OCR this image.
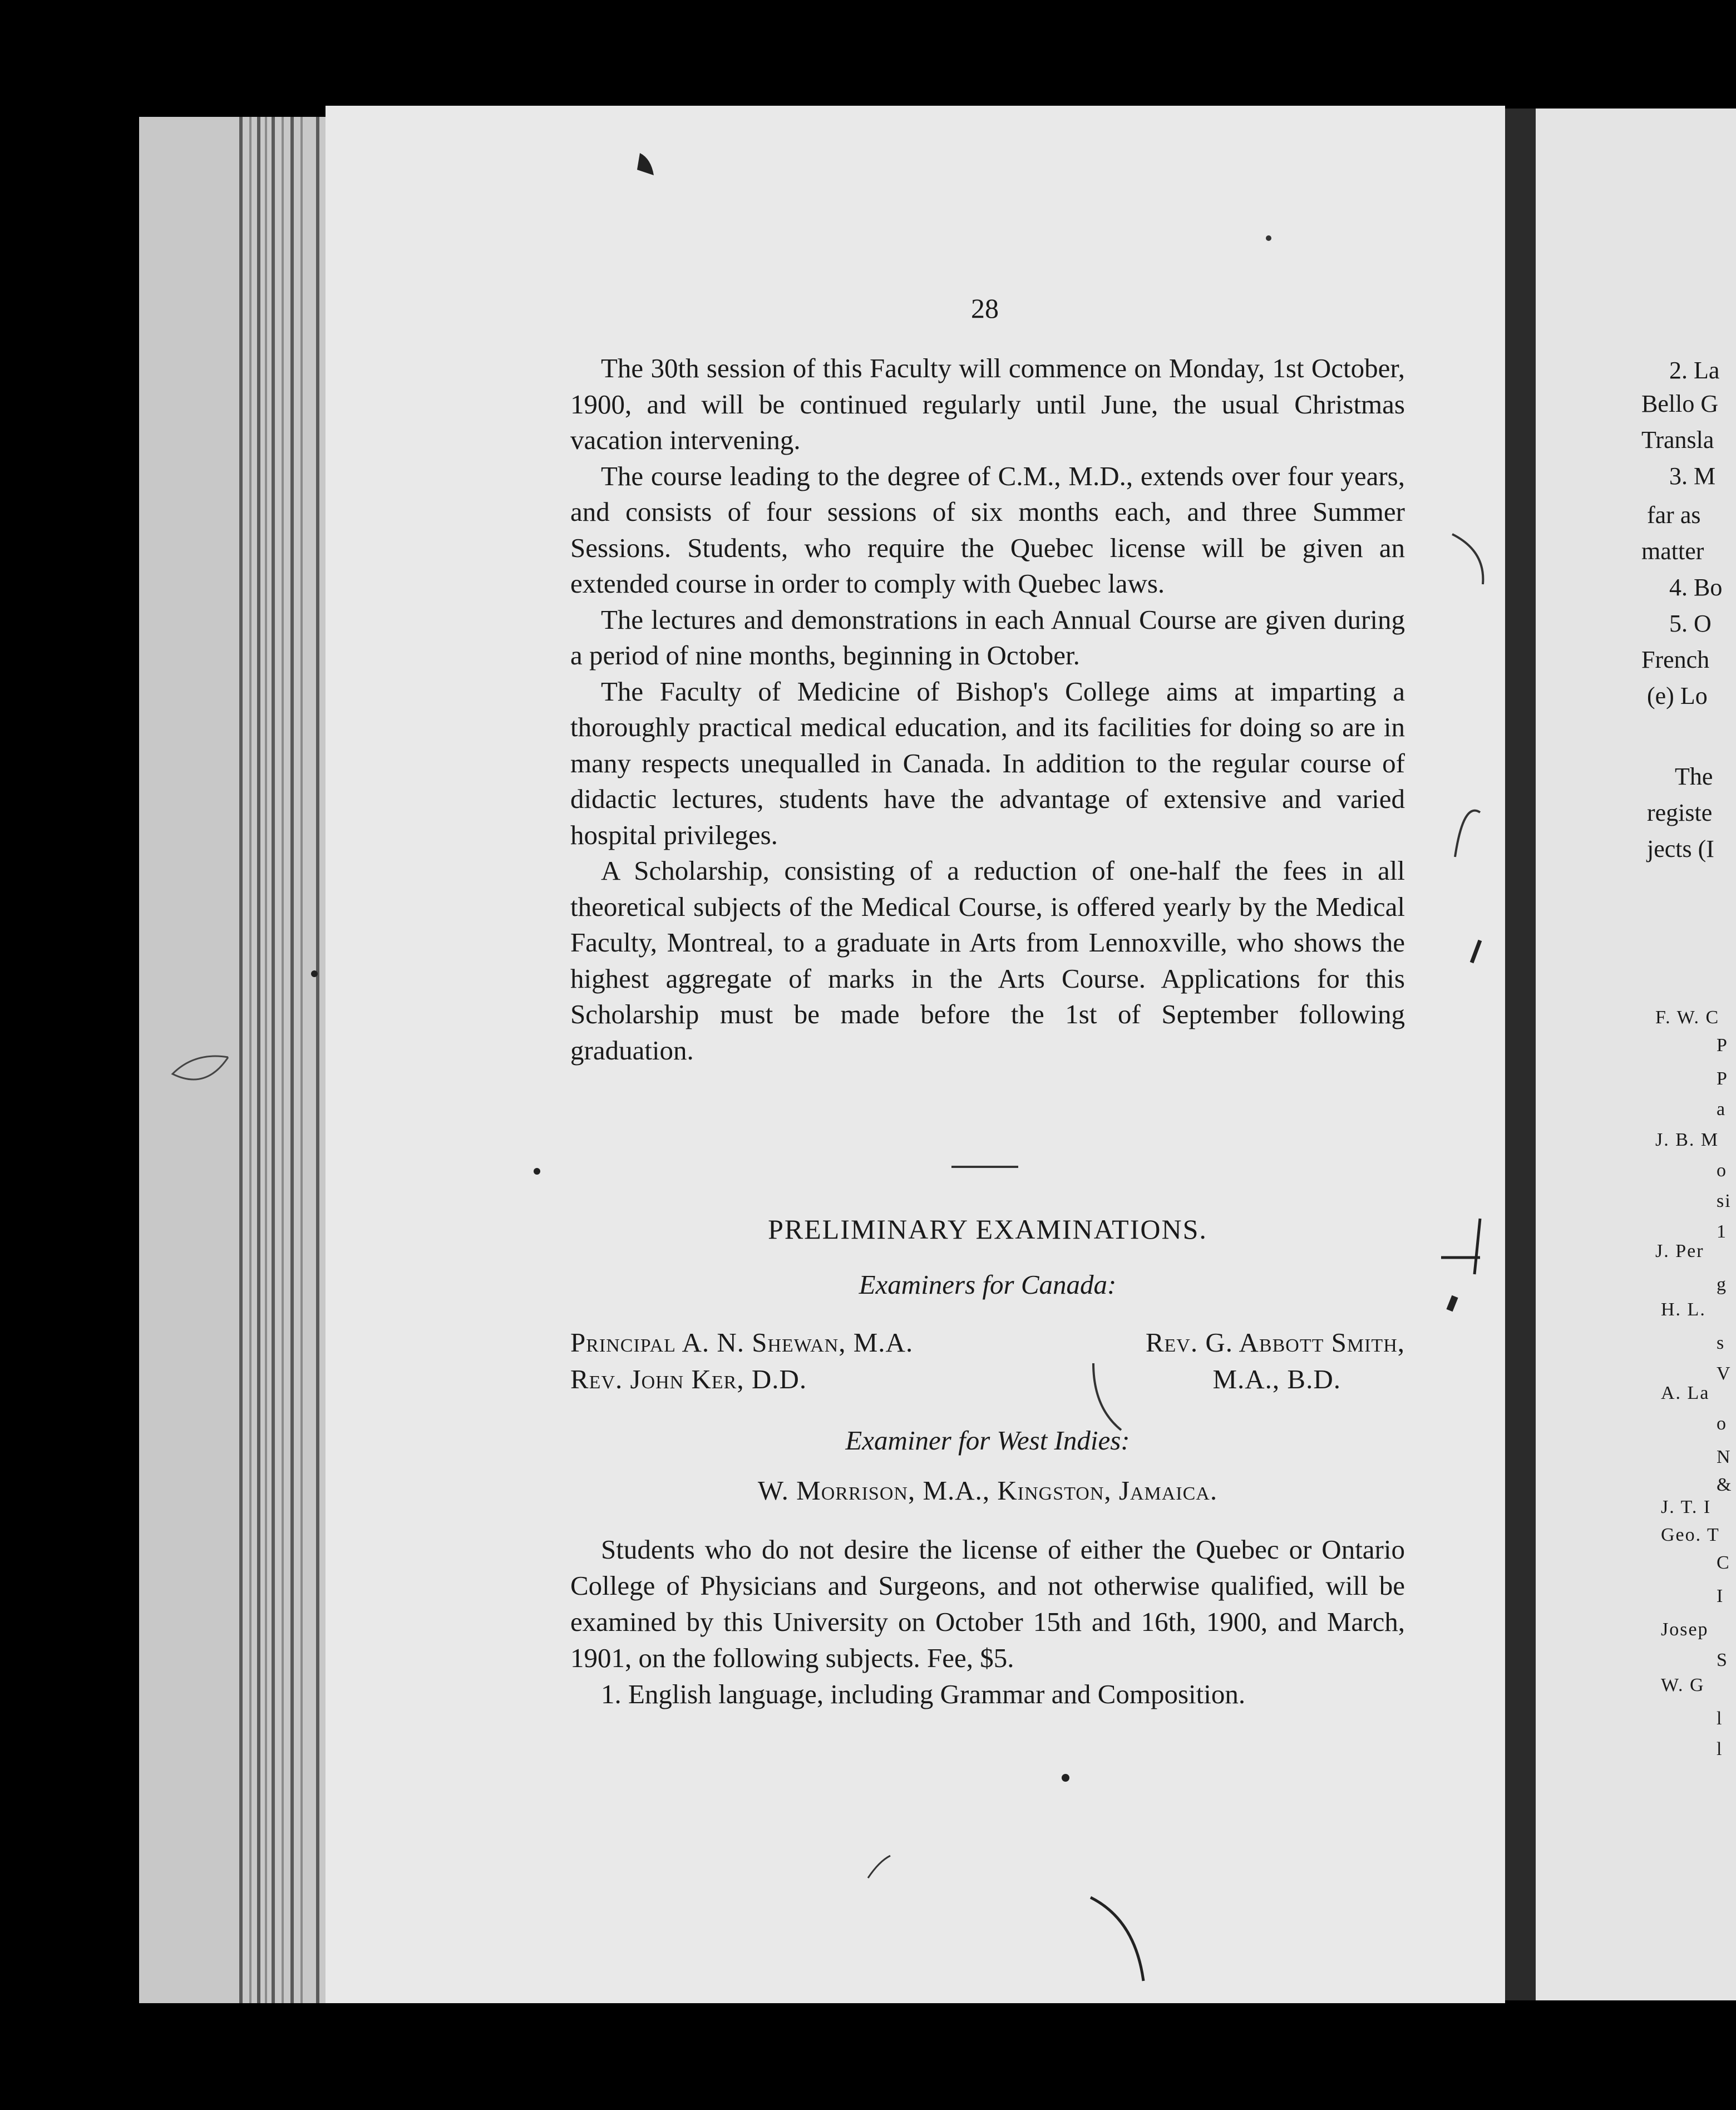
2. La
Bello G
Transla
3. M
far as
matter
4. Bo
5. O
French
(e) Lo
The
registe
jects (I
F. W. C
P
P
a
J. B. M
o
si
1
J. Per
g
H. L.
s
V
A. La
o
N
&
J. T. I
Geo. T
C
I
Josep
S
W. G
l
l
28

The 30th session of this Faculty will commence on Monday, 1st October, 1900, and will be continued regularly until June, the usual Christmas vacation intervening.

The course leading to the degree of C.M., M.D., extends over four years, and consists of four sessions of six months each, and three Summer Sessions. Students, who require the Quebec license will be given an extended course in order to comply with Quebec laws.

The lectures and demonstrations in each Annual Course are given during a period of nine months, beginning in October.

The Faculty of Medicine of Bishop's College aims at imparting a thoroughly practical medical education, and its facilities for doing so are in many respects unequalled in Canada. In addition to the regular course of didactic lectures, students have the advantage of extensive and varied hospital privileges.

A Scholarship, consisting of a reduction of one-half the fees in all theoretical subjects of the Medical Course, is offered yearly by the Medical Faculty, Montreal, to a graduate in Arts from Lennoxville, who shows the highest aggregate of marks in the Arts Course. Applications for this Scholarship must be made before the 1st of September following graduation.

PRELIMINARY EXAMINATIONS.
Examiners for Canada:
Principal A. N. Shewan, M.A.
Rev. John Ker, D.D.
Rev. G. Abbott Smith,
M.A., B.D.
Examiner for West Indies:
W. Morrison, M.A., Kingston, Jamaica.

Students who do not desire the license of either the Quebec or Ontario College of Physicians and Surgeons, and not otherwise qualified, will be examined by this University on October 15th and 16th, 1900, and March, 1901, on the following subjects. Fee, $5.

1. English language, including Grammar and Composition.
